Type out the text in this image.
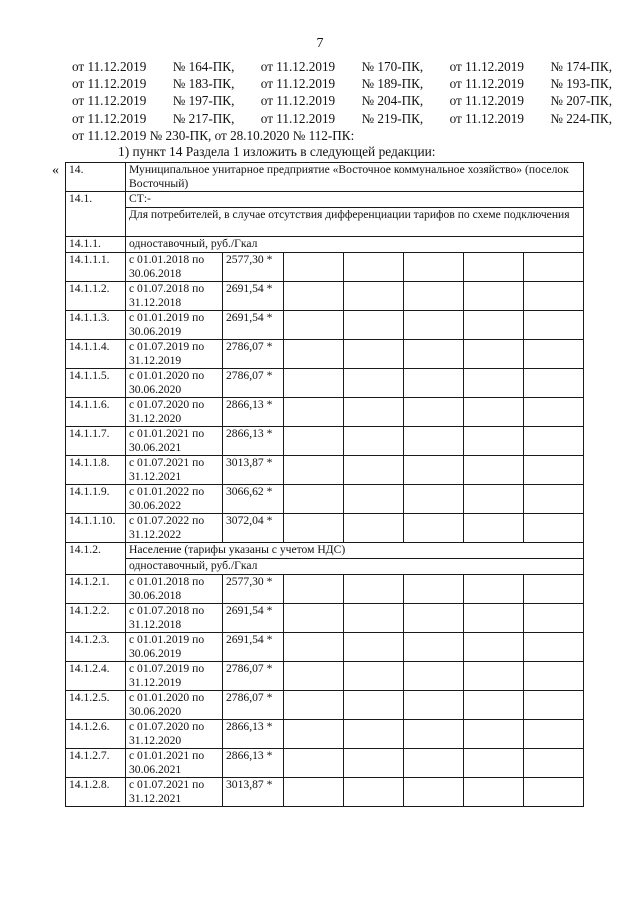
7
от 11.12.2019 № 164-ПК, от 11.12.2019 № 170-ПК, от 11.12.2019 № 174-ПК,
от 11.12.2019 № 183-ПК, от 11.12.2019 № 189-ПК, от 11.12.2019 № 193-ПК,
от 11.12.2019 № 197-ПК, от 11.12.2019 № 204-ПК, от 11.12.2019 № 207-ПК,
от 11.12.2019 № 217-ПК, от 11.12.2019 № 219-ПК, от 11.12.2019 № 224-ПК,
от 11.12.2019 № 230-ПК, от 28.10.2020 № 112-ПК:
1) пункт 14 Раздела 1 изложить в следующей редакции:
« 14.	Муниципальное унитарное предприятие «Восточное коммунальное хозяйство» (поселок Восточный)						
14.1.	СТ:-						
	Для потребителей, в случае отсутствия дифференциации тарифов по схеме подключения						
14.1.1.	одноставочный, руб./Гкал						
14.1.1.1.	с 01.01.2018 по 30.06.2018	2577,30 *					
14.1.1.2.	с 01.07.2018 по 31.12.2018	2691,54 *					
14.1.1.3.	с 01.01.2019 по 30.06.2019	2691,54 *					
14.1.1.4.	с 01.07.2019 по 31.12.2019	2786,07 *					
14.1.1.5.	с 01.01.2020 по 30.06.2020	2786,07 *					
14.1.1.6.	с 01.07.2020 по 31.12.2020	2866,13 *					
14.1.1.7.	с 01.01.2021 по 30.06.2021	2866,13 *					
14.1.1.8.	с 01.07.2021 по 31.12.2021	3013,87 *					
14.1.1.9.	с 01.01.2022 по 30.06.2022	3066,62 *					
14.1.1.10.	с 01.07.2022 по 31.12.2022	3072,04 *					
14.1.2.	Население (тарифы указаны с учетом НДС)						
	одноставочный, руб./Гкал						
14.1.2.1.	с 01.01.2018 по 30.06.2018	2577,30 *					
14.1.2.2.	с 01.07.2018 по 31.12.2018	2691,54 *					
14.1.2.3.	с 01.01.2019 по 30.06.2019	2691,54 *					
14.1.2.4.	с 01.07.2019 по 31.12.2019	2786,07 *					
14.1.2.5.	с 01.01.2020 по 30.06.2020	2786,07 *					
14.1.2.6.	с 01.07.2020 по 31.12.2020	2866,13 *					
14.1.2.7.	с 01.01.2021 по 30.06.2021	2866,13 *					
14.1.2.8.	с 01.07.2021 по 31.12.2021	3013,87 *					
